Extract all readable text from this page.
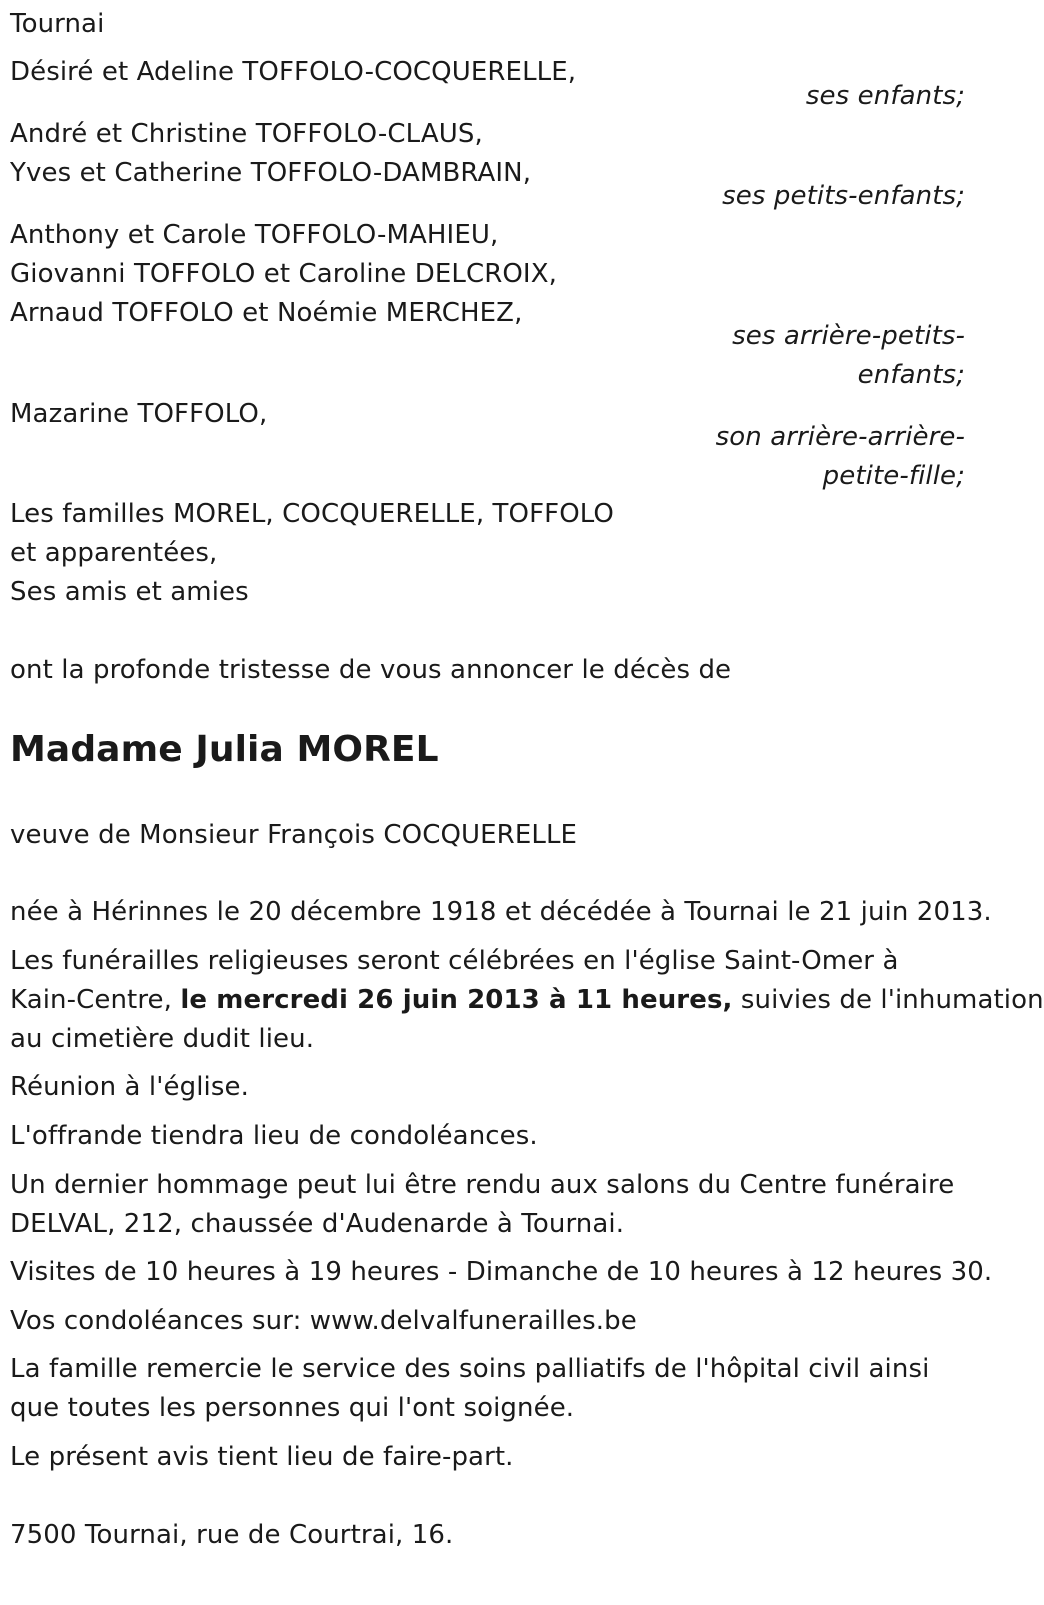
Tournai
Désiré et Adeline TOFFOLO-COCQUERELLE,
ses enfants;
André et Christine TOFFOLO-CLAUS,
Yves et Catherine TOFFOLO-DAMBRAIN,
ses petits-enfants;
Anthony et Carole TOFFOLO-MAHIEU,
Giovanni TOFFOLO et Caroline DELCROIX,
Arnaud TOFFOLO et Noémie MERCHEZ,
ses arrière-petits-
enfants;
Mazarine TOFFOLO,
son arrière-arrière-
petite-fille;
Les familles MOREL, COCQUERELLE, TOFFOLO
et apparentées,
Ses amis et amies
ont la profonde tristesse de vous annoncer le décès de
Madame Julia MOREL
veuve de Monsieur François COCQUERELLE
née à Hérinnes le 20 décembre 1918 et décédée à Tournai le 21 juin 2013.
Les funérailles religieuses seront célébrées en l'église Saint-Omer à
Kain-Centre, le mercredi 26 juin 2013 à 11 heures, suivies de l'inhumation
au cimetière dudit lieu.
Réunion à l'église.
L'offrande tiendra lieu de condoléances.
Un dernier hommage peut lui être rendu aux salons du Centre funéraire
DELVAL, 212, chaussée d'Audenarde à Tournai.
Visites de 10 heures à 19 heures - Dimanche de 10 heures à 12 heures 30.
Vos condoléances sur: www.delvalfunerailles.be
La famille remercie le service des soins palliatifs de l'hôpital civil ainsi
que toutes les personnes qui l'ont soignée.
Le présent avis tient lieu de faire-part.
7500 Tournai, rue de Courtrai, 16.
